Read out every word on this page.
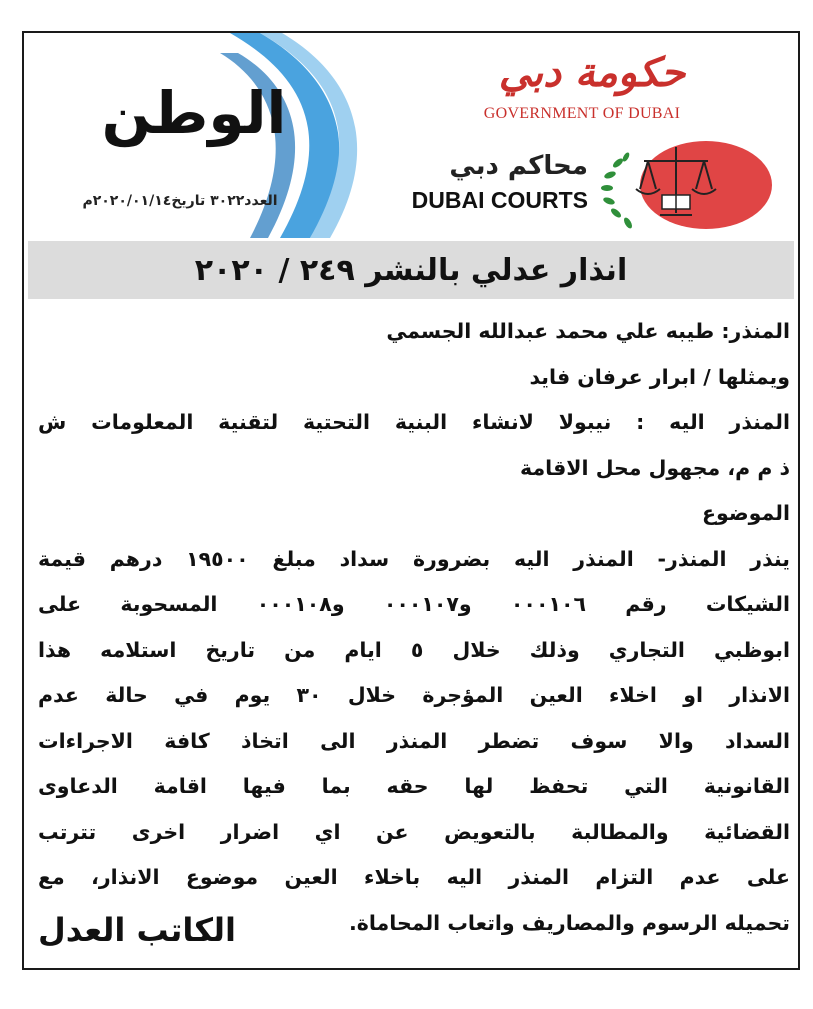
حكومة دبي
GOVERNMENT OF DUBAI
محاكم دبي
DUBAI COURTS
الوطن
العدد٣٠٢٢ تاريخ٢٠٢٠/٠١/١٤م
انذار عدلي بالنشر ٢٤٩ / ٢٠٢٠
المنذر: طيبه علي محمد عبدالله الجسمي
ويمثلها / ابرار عرفان فايد
المنذر اليه : نيبولا لانشاء البنية التحتية لتقنية المعلومات ش
ذ م م، مجهول محل الاقامة
الموضوع
ينذر المنذر- المنذر اليه بضرورة سداد مبلغ ١٩٥٠٠ درهم قيمة
الشيكات رقم ٠٠٠١٠٦ و٠٠٠١٠٧ و٠٠٠١٠٨ المسحوبة على
ابوظبي التجاري وذلك خلال ٥ ايام من تاريخ استلامه هذا
الانذار او اخلاء العين المؤجرة خلال ٣٠ يوم في حالة عدم
السداد والا سوف تضطر المنذر الى اتخاذ كافة الاجراءات
القانونية التي تحفظ لها حقه بما فيها اقامة الدعاوى
القضائية والمطالبة بالتعويض عن اي اضرار اخرى تترتب
على عدم التزام المنذر اليه باخلاء العين موضوع الانذار، مع
تحميله الرسوم والمصاريف واتعاب المحاماة.
الكاتب العدل
